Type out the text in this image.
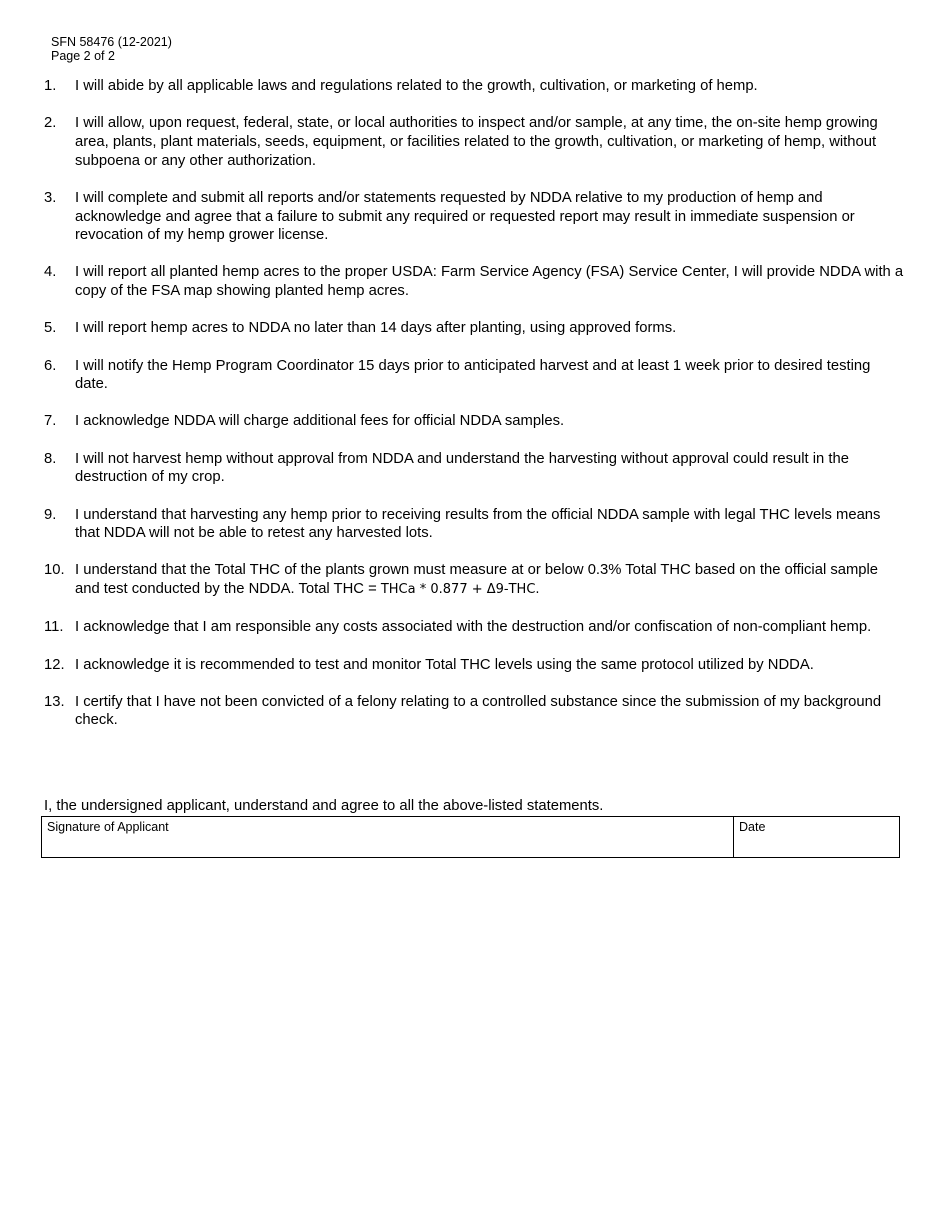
SFN 58476 (12-2021)
Page 2 of 2
1. I will abide by all applicable laws and regulations related to the growth, cultivation, or marketing of hemp.
2. I will allow, upon request, federal, state, or local authorities to inspect and/or sample, at any time, the on-site hemp growing area, plants, plant materials, seeds, equipment, or facilities related to the growth, cultivation, or marketing of hemp, without subpoena or any other authorization.
3. I will complete and submit all reports and/or statements requested by NDDA relative to my production of hemp and acknowledge and agree that a failure to submit any required or requested report may result in immediate suspension or revocation of my hemp grower license.
4. I will report all planted hemp acres to the proper USDA: Farm Service Agency (FSA) Service Center, I will provide NDDA with a copy of the FSA map showing planted hemp acres.
5. I will report hemp acres to NDDA no later than 14 days after planting, using approved forms.
6. I will notify the Hemp Program Coordinator 15 days prior to anticipated harvest and at least 1 week prior to desired testing date.
7. I acknowledge NDDA will charge additional fees for official NDDA samples.
8. I will not harvest hemp without approval from NDDA and understand the harvesting without approval could result in the destruction of my crop.
9. I understand that harvesting any hemp prior to receiving results from the official NDDA sample with legal THC levels means that NDDA will not be able to retest any harvested lots.
10. I understand that the Total THC of the plants grown must measure at or below 0.3% Total THC based on the official sample and test conducted by the NDDA. Total THC = THCa * 0.877 + Δ9-THC.
11. I acknowledge that I am responsible any costs associated with the destruction and/or confiscation of non-compliant hemp.
12. I acknowledge it is recommended to test and monitor Total THC levels using the same protocol utilized by NDDA.
13. I certify that I have not been convicted of a felony relating to a controlled substance since the submission of my background check.
I, the undersigned applicant, understand and agree to all the above-listed statements.
Signature of Applicant	Date
